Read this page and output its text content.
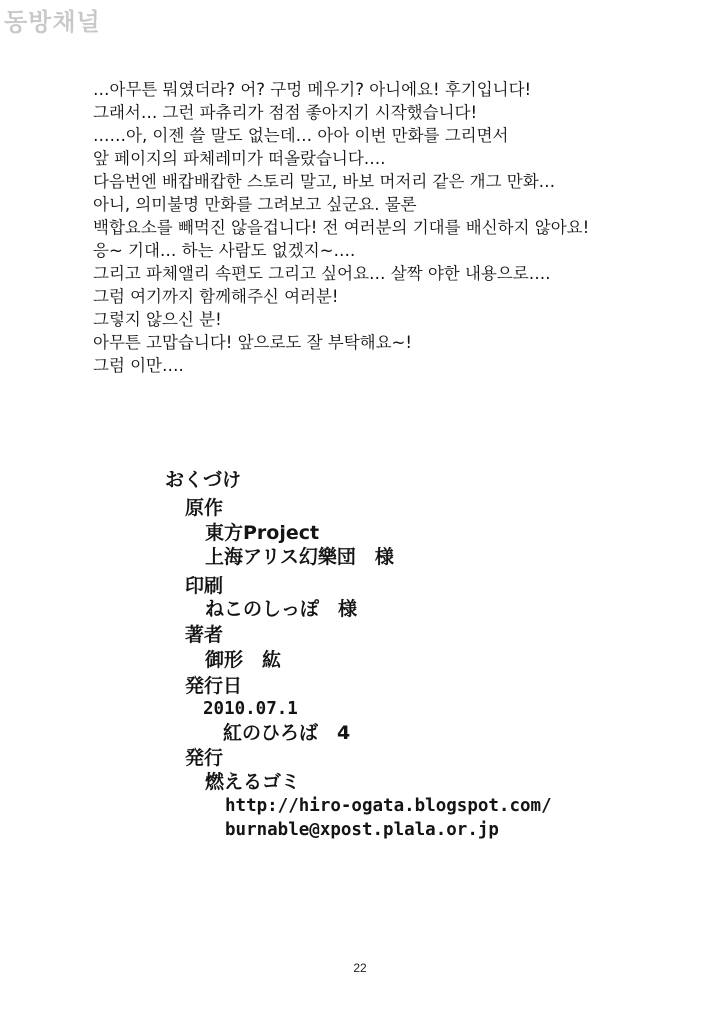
동방채널
…아무튼 뭐였더라? 어? 구멍 메우기? 아니에요! 후기입니다!
그래서… 그런 파츄리가 점점 좋아지기 시작했습니다!
……아, 이젠 쓸 말도 없는데… 아아 이번 만화를 그리면서
앞 페이지의 파체레미가 떠올랐습니다….
다음번엔 배캅배캅한 스토리 말고, 바보 머저리 같은 개그 만화…
아니, 의미불명 만화를 그려보고 싶군요. 물론
백합요소를 빼먹진 않을겁니다! 전 여러분의 기대를 배신하지 않아요!
응~ 기대… 하는 사람도 없겠지~….
그리고 파체앨리 속편도 그리고 싶어요… 살짝 야한 내용으로….
그럼 여기까지 함께해주신 여러분!
그렇지 않으신 분!
아무튼 고맙습니다! 앞으로도 잘 부탁해요~!
그럼 이만….
おくづけ
原作
東方Project
上海アリス幻樂団　様
印刷
ねこのしっぽ　様
著者
御形　紘
発行日
2010.07.1
紅のひろば　4
発行
燃えるゴミ
http://hiro-ogata.blogspot.com/
burnable@xpost.plala.or.jp
22
